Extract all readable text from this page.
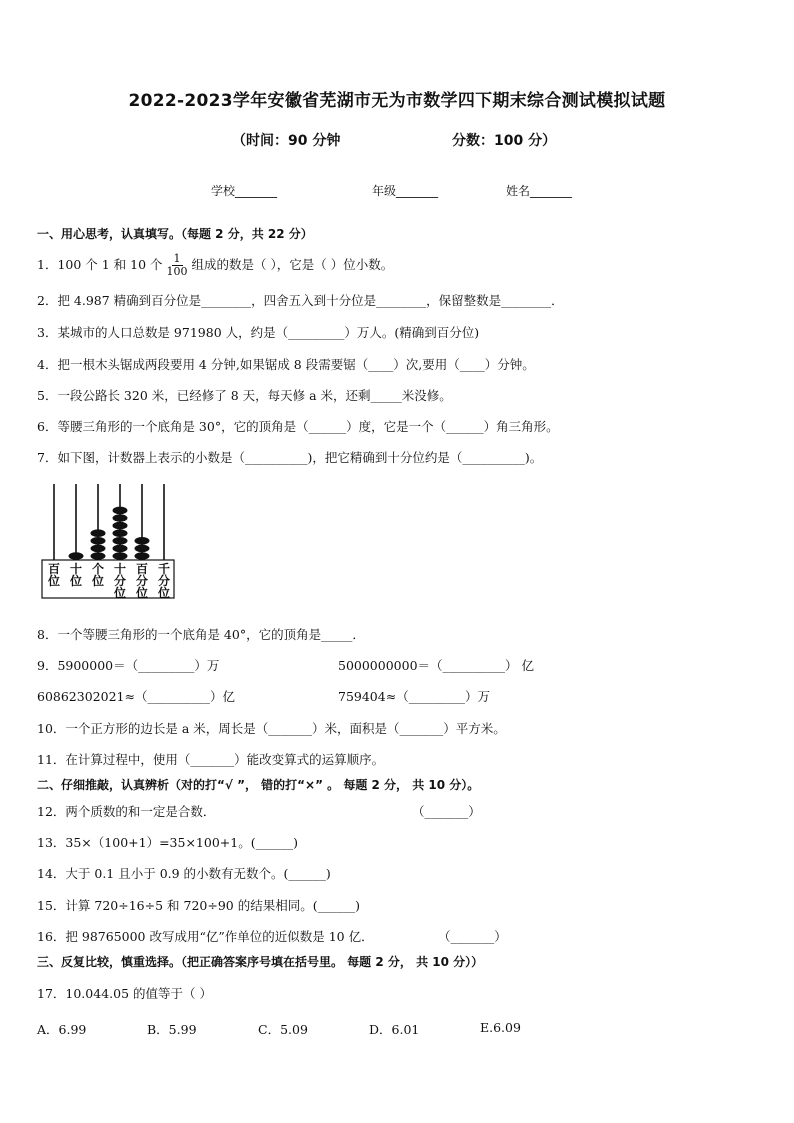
2022-2023学年安徽省芜湖市无为市数学四下期末综合测试模拟试题
（时间：90 分钟	分数：100 分）
学校_______	年级_______	姓名_______
一、用心思考，认真填写。（每题 2 分，共 22 分）
1．100 个 1 和 10 个 $\frac{1}{100}$ 组成的数是（ ），它是（ ）位小数。
2．把 4.987 精确到百分位是________，四舍五入到十分位是________，保留整数是________．
3．某城市的人口总数是 971980 人，约是（_________）万人。(精确到百分位)
4．把一根木头锯成两段要用 4 分钟,如果锯成 8 段需要锯（____）次,要用（____）分钟。
5．一段公路长 320 米，已经修了 8 天，每天修 a 米，还剩_____米没修。
6．等腰三角形的一个底角是 30°，它的顶角是（______）度，它是一个（______）角三角形。
7．如下图，计数器上表示的小数是（__________)，把它精确到十分位约是（__________)。
百
位
十
位
个
位
十
分
位
百
分
位
千
分
位
8．一个等腰三角形的一个底角是 40°，它的顶角是_____．
9．5900000＝（_________）万	5000000000＝（__________） 亿
60862302021≈（__________）亿	759404≈（_________）万
10．一个正方形的边长是 a 米，周长是（_______）米，面积是（_______）平方米。
11．在计算过程中，使用（_______）能改变算式的运算顺序。
二、仔细推敲，认真辨析（对的打“√ ”， 错的打“×” 。 每题 2 分， 共 10 分）。
12．两个质数的和一定是合数．	（_______）
13．35×（100+1）=35×100+1。(______)
14．大于 0.1 且小于 0.9 的小数有无数个。(______)
15．计算 720÷16÷5 和 720÷90 的结果相同。(______)
16．把 98765000 改写成用“亿”作单位的近似数是 10 亿．	（_______）
三、反复比较，慎重选择。（把正确答案序号填在括号里。 每题 2 分， 共 10 分））
17．10.044.05 的值等于（ ）
A．6.99	B．5.99	C．5.09	D．6.01	E.6.09
